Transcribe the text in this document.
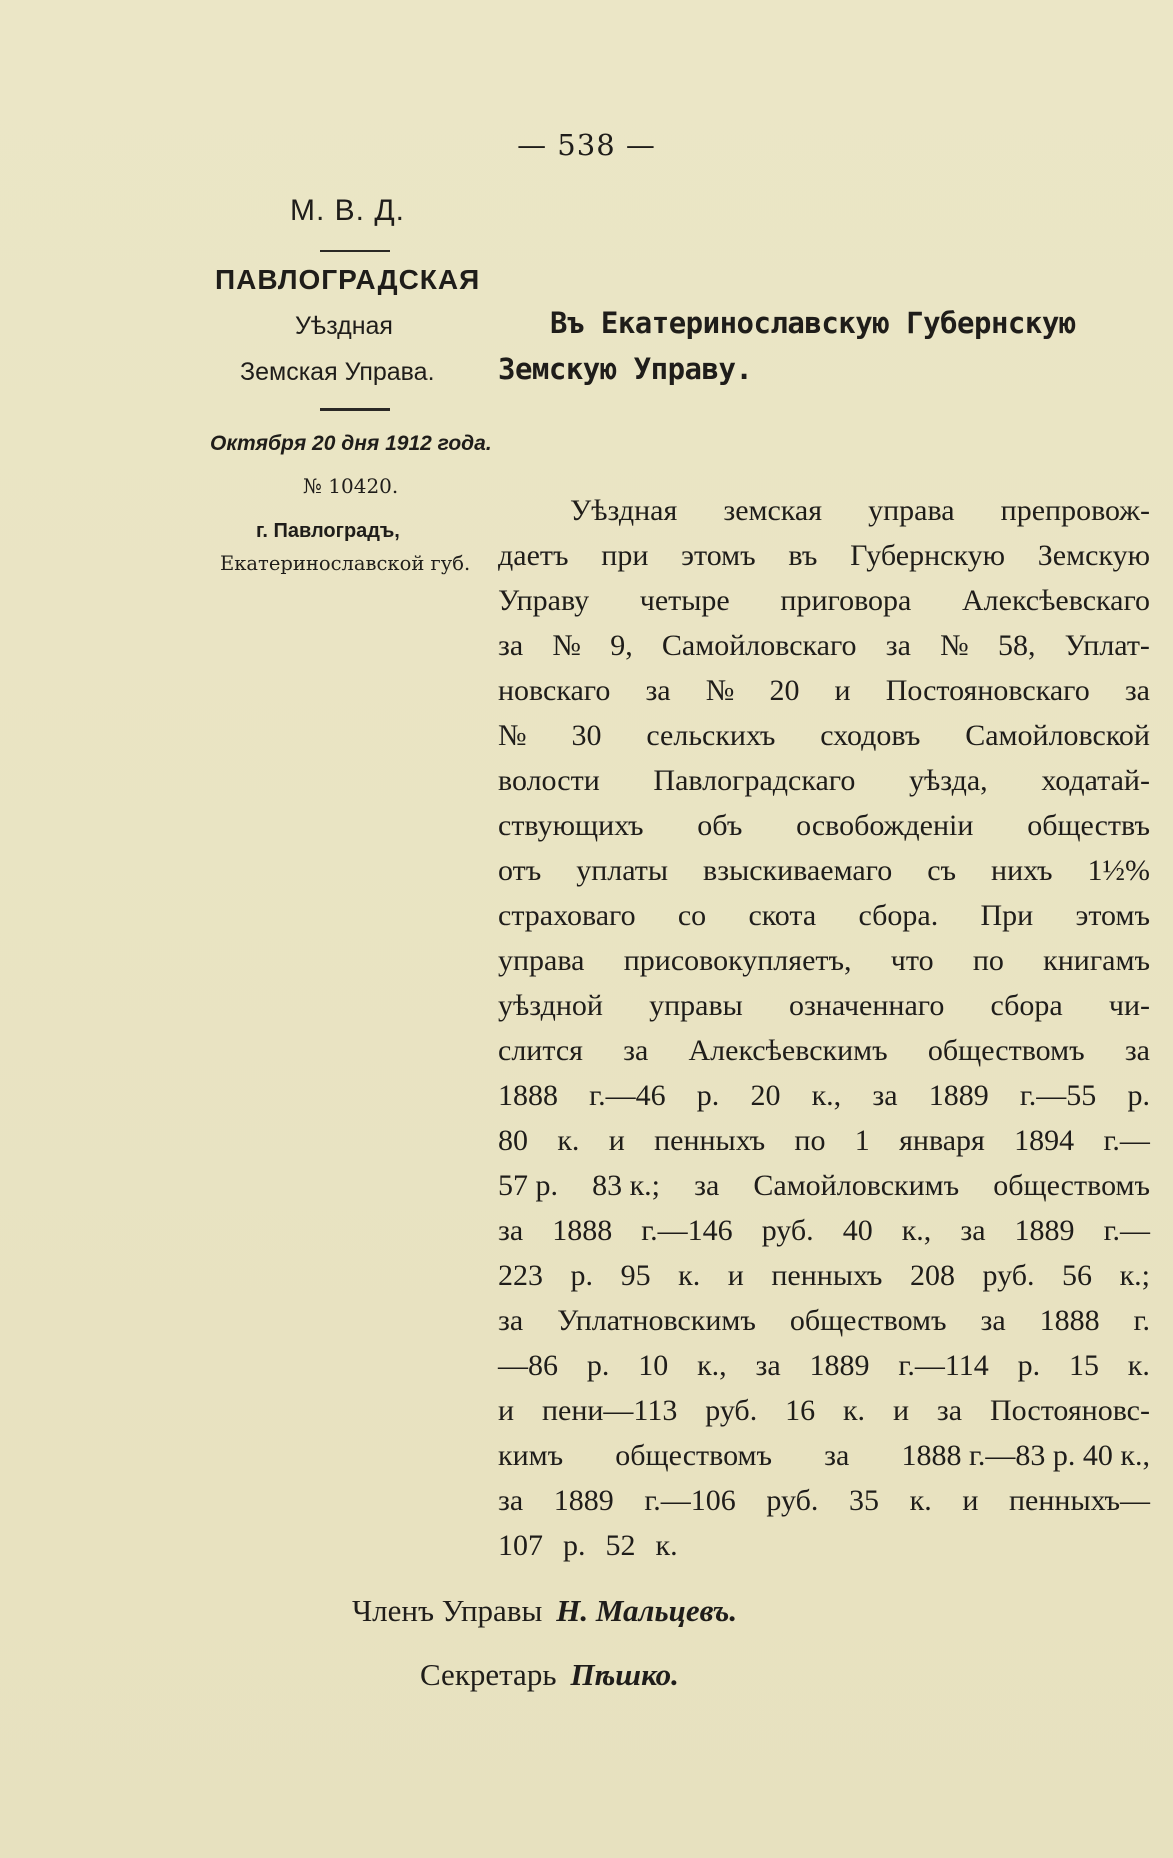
— 538 —
М. В. Д.
ПАВЛОГРАДСКАЯ
Уѣздная
Земская Управа.
Октября 20 дня 1912 года.
№ 10420.
г. Павлоградъ,
Екатеринославской губ.
Въ Екатеринославскую Губернскую
Земскую Управу.
Уѣздная земская управа препровож-
даетъ при этомъ въ Губернскую Земскую
Управу четыре приговора Алексѣевскаго
за № 9, Самойловскаго за № 58, Уплат-
новскаго за № 20 и Постояновскаго за
№ 30 сельскихъ сходовъ Самойловской
волости Павлоградскаго уѣзда, ходатай-
ствующихъ объ освобожденіи обществъ
отъ уплаты взыскиваемаго съ нихъ 1½%
страховаго со скота сбора. При этомъ
управа присовокупляетъ, что по книгамъ
уѣздной управы означеннаго сбора чи-
слится за Алексѣевскимъ обществомъ за
1888 г.—46 р. 20 к., за 1889 г.—55 р.
80 к. и пенныхъ по 1 января 1894 г.—
57 р. 83 к.; за Самойловскимъ обществомъ
за 1888 г.—146 руб. 40 к., за 1889 г.—
223 р. 95 к. и пенныхъ 208 руб. 56 к.;
за Уплатновскимъ обществомъ за 1888 г.
—86 р. 10 к., за 1889 г.—114 р. 15 к.
и пени—113 руб. 16 к. и за Постояновс-
кимъ обществомъ за 1888 г.—83 р. 40 к.,
за 1889 г.—106 руб. 35 к. и пенныхъ—
107 р. 52 к.
Членъ Управы Н. Мальцевъ.
Секретарь Пѣшко.
